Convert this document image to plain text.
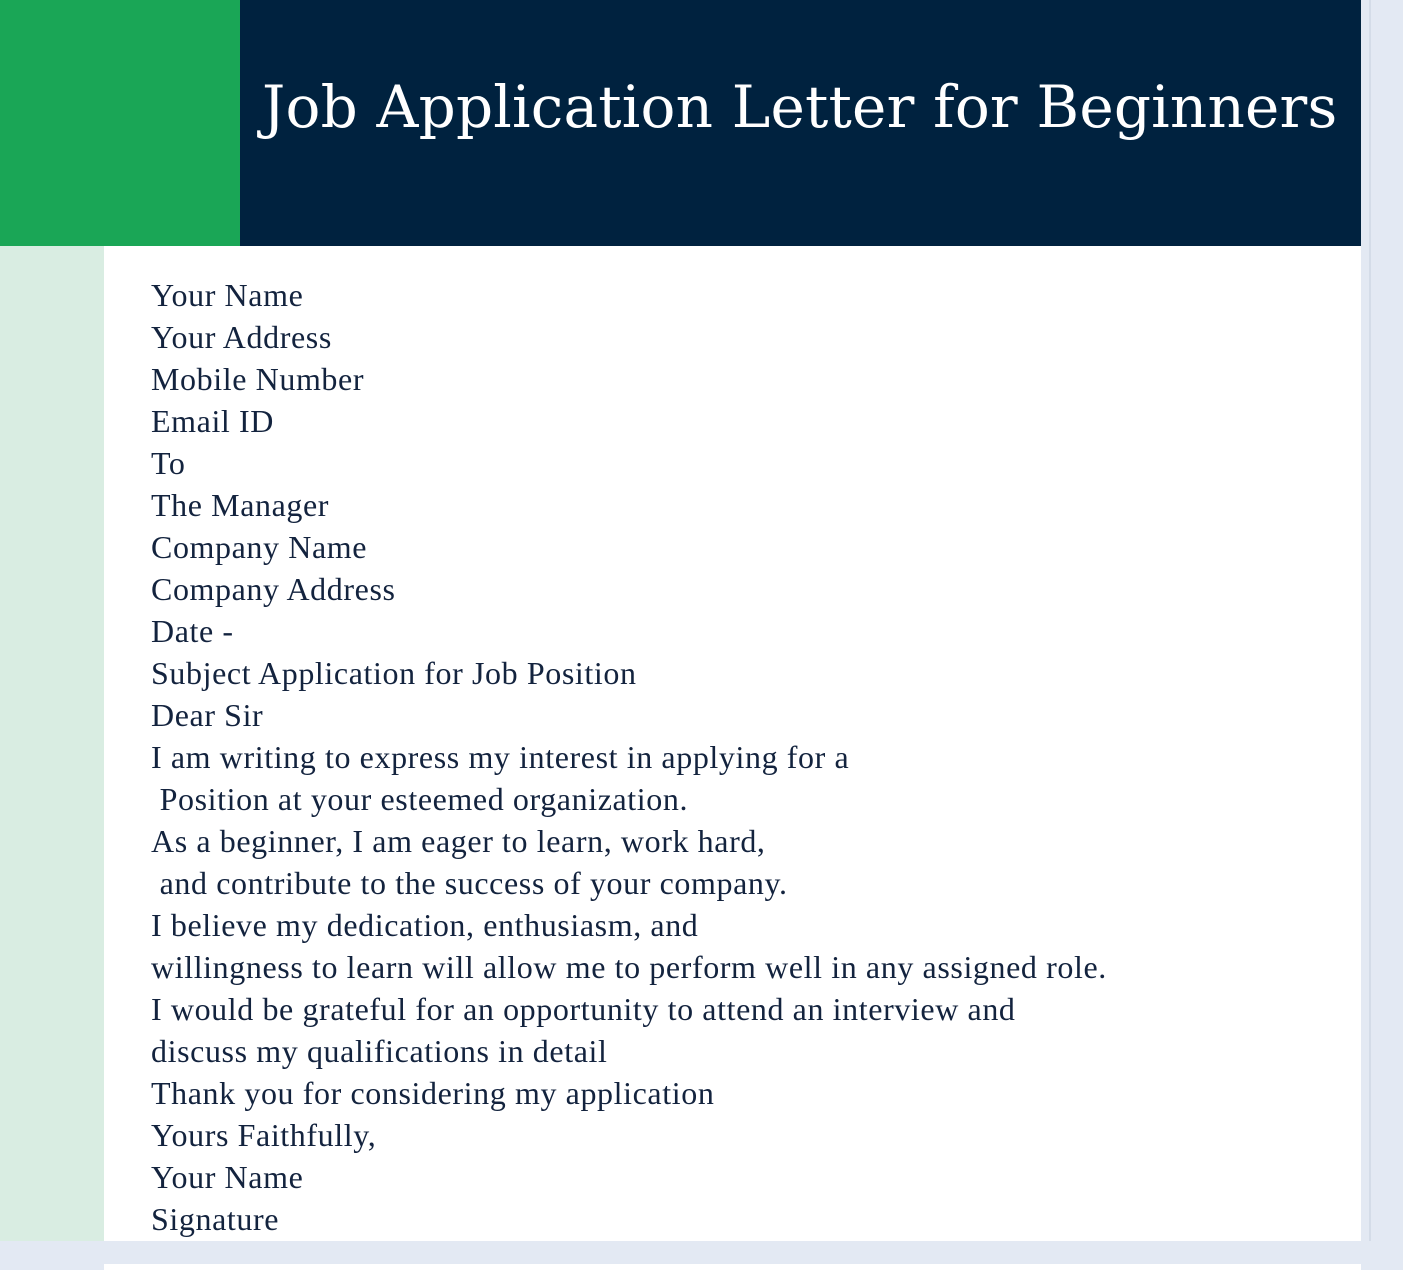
Job Application Letter for Beginners
Your Name
Your Address
Mobile Number
Email ID
To
The Manager
Company Name
Company Address
Date -
Subject Application for Job Position
Dear Sir
I am writing to express my interest in applying for a
Position at your esteemed organization.
As a beginner, I am eager to learn, work hard,
and contribute to the success of your company.
I believe my dedication, enthusiasm, and
willingness to learn will allow me to perform well in any assigned role.
I would be grateful for an opportunity to attend an interview and
discuss my qualifications in detail
Thank you for considering my application
Yours Faithfully,
Your Name
Signature
